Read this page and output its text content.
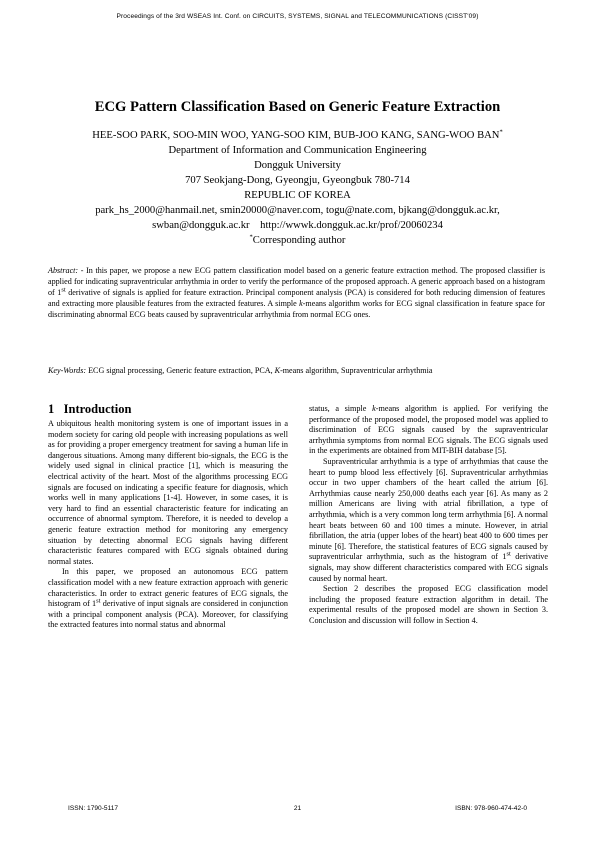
Proceedings of the 3rd WSEAS Int. Conf. on CIRCUITS, SYSTEMS, SIGNAL and TELECOMMUNICATIONS (CISST'09)
ECG Pattern Classification Based on Generic Feature Extraction
HEE-SOO PARK, SOO-MIN WOO, YANG-SOO KIM, BUB-JOO KANG, SANG-WOO BAN*
Department of Information and Communication Engineering
Dongguk University
707 Seokjang-Dong, Gyeongju, Gyeongbuk 780-714
REPUBLIC OF KOREA
park_hs_2000@hanmail.net, smin20000@naver.com, togu@nate.com, bjkang@dongguk.ac.kr,
swban@dongguk.ac.kr    http://wwwk.dongguk.ac.kr/prof/20060234
*Corresponding author
Abstract: - In this paper, we propose a new ECG pattern classification model based on a generic feature extraction method. The proposed classifier is applied for indicating supraventricular arrhythmia in order to verify the performance of the proposed approach. A generic approach based on a histogram of 1st derivative of signals is applied for feature extraction. Principal component analysis (PCA) is considered for both reducing dimension of features and extracting more plausible features from the extracted features. A simple k-means algorithm works for ECG signal classification in feature space for discriminating abnormal ECG beats caused by supraventricular arrhythmia from normal ECG ones.
Key-Words: ECG signal processing, Generic feature extraction, PCA, K-means algorithm, Supraventricular arrhythmia
1   Introduction

A ubiquitous health monitoring system is one of important issues in a modern society for caring old people with increasing populations as well as for providing a proper emergency treatment for saving a human life in dangerous situations. Among many different bio-signals, the ECG is the widely used signal in clinical practice [1], which is measuring the electrical activity of the heart. Most of the algorithms processing ECG signals are focused on indicating a specific feature for diagnosis, which works well in many applications [1-4]. However, in some cases, it is very hard to find an essential characteristic feature for indicating an occurrence of abnormal symptom. Therefore, it is needed to develop a generic feature extraction method for monitoring any emergency situation by detecting abnormal ECG signals having different characteristic features compared with ECG signals obtained during normal states.

In this paper, we proposed an autonomous ECG pattern classification model with a new feature extraction approach with generic characteristics. In order to extract generic features of ECG signals, the histogram of 1st derivative of input signals are considered in conjunction with a principal component analysis (PCA). Moreover, for classifying the extracted features into normal status and abnormal

status, a simple k-means algorithm is applied. For verifying the performance of the proposed model, the proposed model was applied to discrimination of ECG signals caused by the supraventricular arrhythmia symptoms from normal ECG signals. The ECG signals used in the experiments are obtained from MIT-BIH database [5].

Supraventricular arrhythmia is a type of arrhythmias that cause the heart to pump blood less effectively [6]. Supraventricular arrhythmias occur in two upper chambers of the heart called the atrium [6]. Arrhythmias cause nearly 250,000 deaths each year [6]. As many as 2 million Americans are living with atrial fibrillation, a type of arrhythmia, which is a very common long term arrhythmia [6]. A normal heart beats between 60 and 100 times a minute. However, in atrial fibrillation, the atria (upper lobes of the heart) beat 400 to 600 times per minute [6]. Therefore, the statistical features of ECG signals caused by supraventricular arrhythmia, such as the histogram of 1st derivative signals, may show different characteristics compared with ECG signals caused by normal heart.

Section 2 describes the proposed ECG classification model including the proposed feature extraction algorithm in detail. The experimental results of the proposed model are shown in Section 3. Conclusion and discussion will follow in Section 4.

ISSN: 1790-5117	21	ISBN: 978-960-474-42-0
